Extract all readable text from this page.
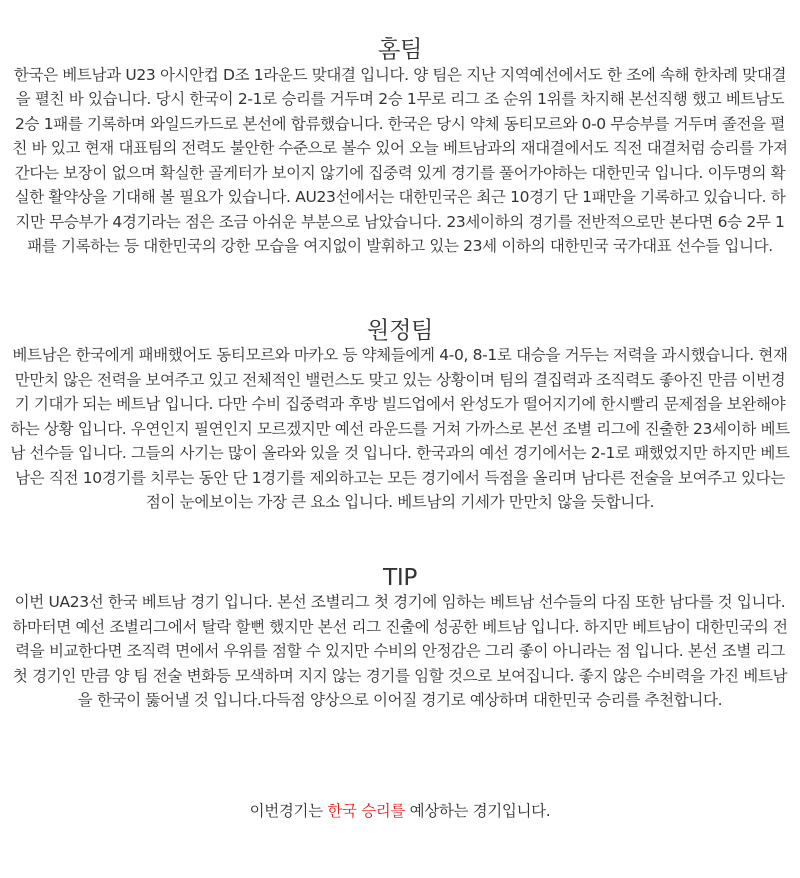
홈팀

한국은 베트남과 U23 아시안컵 D조 1라운드 맞대결 입니다. 양 팀은 지난 지역예선에서도 한 조에 속해 한차례 맞대결을 펼친 바 있습니다. 당시 한국이 2-1로 승리를 거두며 2승 1무로 리그 조 순위 1위를 차지해 본선직행 했고 베트남도 2승 1패를 기록하며 와일드카드로 본선에 합류했습니다. 한국은 당시 약체 동티모르와 0-0 무승부를 거두며 졸전을 펼친 바 있고 현재 대표팀의 전력도 불안한 수준으로 볼수 있어 오늘 베트남과의 재대결에서도 직전 대결처럼 승리를 가져간다는 보장이 없으며 확실한 골게터가 보이지 않기에 집중력 있게 경기를 풀어가야하는 대한민국 입니다. 이두명의 확실한 활약상을 기대해 볼 필요가 있습니다. AU23선에서는 대한민국은 최근 10경기 단 1패만을 기록하고 있습니다. 하지만 무승부가 4경기라는 점은 조금 아쉬운 부분으로 남았습니다. 23세이하의 경기를 전반적으로만 본다면 6승 2무 1패를 기록하는 등 대한민국의 강한 모습을 여지없이 발휘하고 있는 23세 이하의 대한민국 국가대표 선수들 입니다.

원정팀

베트남은 한국에게 패배했어도 동티모르와 마카오 등 약체들에게 4-0, 8-1로 대승을 거두는 저력을 과시했습니다. 현재 만만치 않은 전력을 보여주고 있고 전체적인 밸런스도 맞고 있는 상황이며 팀의 결집력과 조직력도 좋아진 만큼 이번경기 기대가 되는 베트남 입니다. 다만 수비 집중력과 후방 빌드업에서 완성도가 떨어지기에 한시빨리 문제점을 보완해야 하는 상황 입니다. 우연인지 필연인지 모르겠지만 예선 라운드를 거쳐 가까스로 본선 조별 리그에 진출한 23세이하 베트남 선수들 입니다. 그들의 사기는 많이 올라와 있을 것 입니다. 한국과의 예선 경기에서는 2-1로 패했었지만 하지만 베트남은 직전 10경기를 치루는 동안 단 1경기를 제외하고는 모든 경기에서 득점을 올리며 남다른 전술을 보여주고 있다는 점이 눈에보이는 가장 큰 요소 입니다. 베트남의 기세가 만만치 않을 듯합니다.

TIP

이번 UA23선 한국 베트남 경기 입니다. 본선 조별리그 첫 경기에 임하는 베트남 선수들의 다짐 또한 남다를 것 입니다. 하마터면 예선 조별리그에서 탈락 할뻔 했지만 본선 리그 진출에 성공한 베트남 입니다. 하지만 베트남이 대한민국의 전력을 비교한다면 조직력 면에서 우위를 점할 수 있지만 수비의 안정감은 그리 좋이 아니라는 점 입니다. 본선 조별 리그 첫 경기인 만큼 양 팀 전술 변화등 모색하며 지지 않는 경기를 임할 것으로 보여집니다. 좋지 않은 수비력을 가진 베트남을 한국이 뚫어낼 것 입니다.다득점 양상으로 이어질 경기로 예상하며 대한민국 승리를 추천합니다.

이번경기는 한국 승리를 예상하는 경기입니다.
